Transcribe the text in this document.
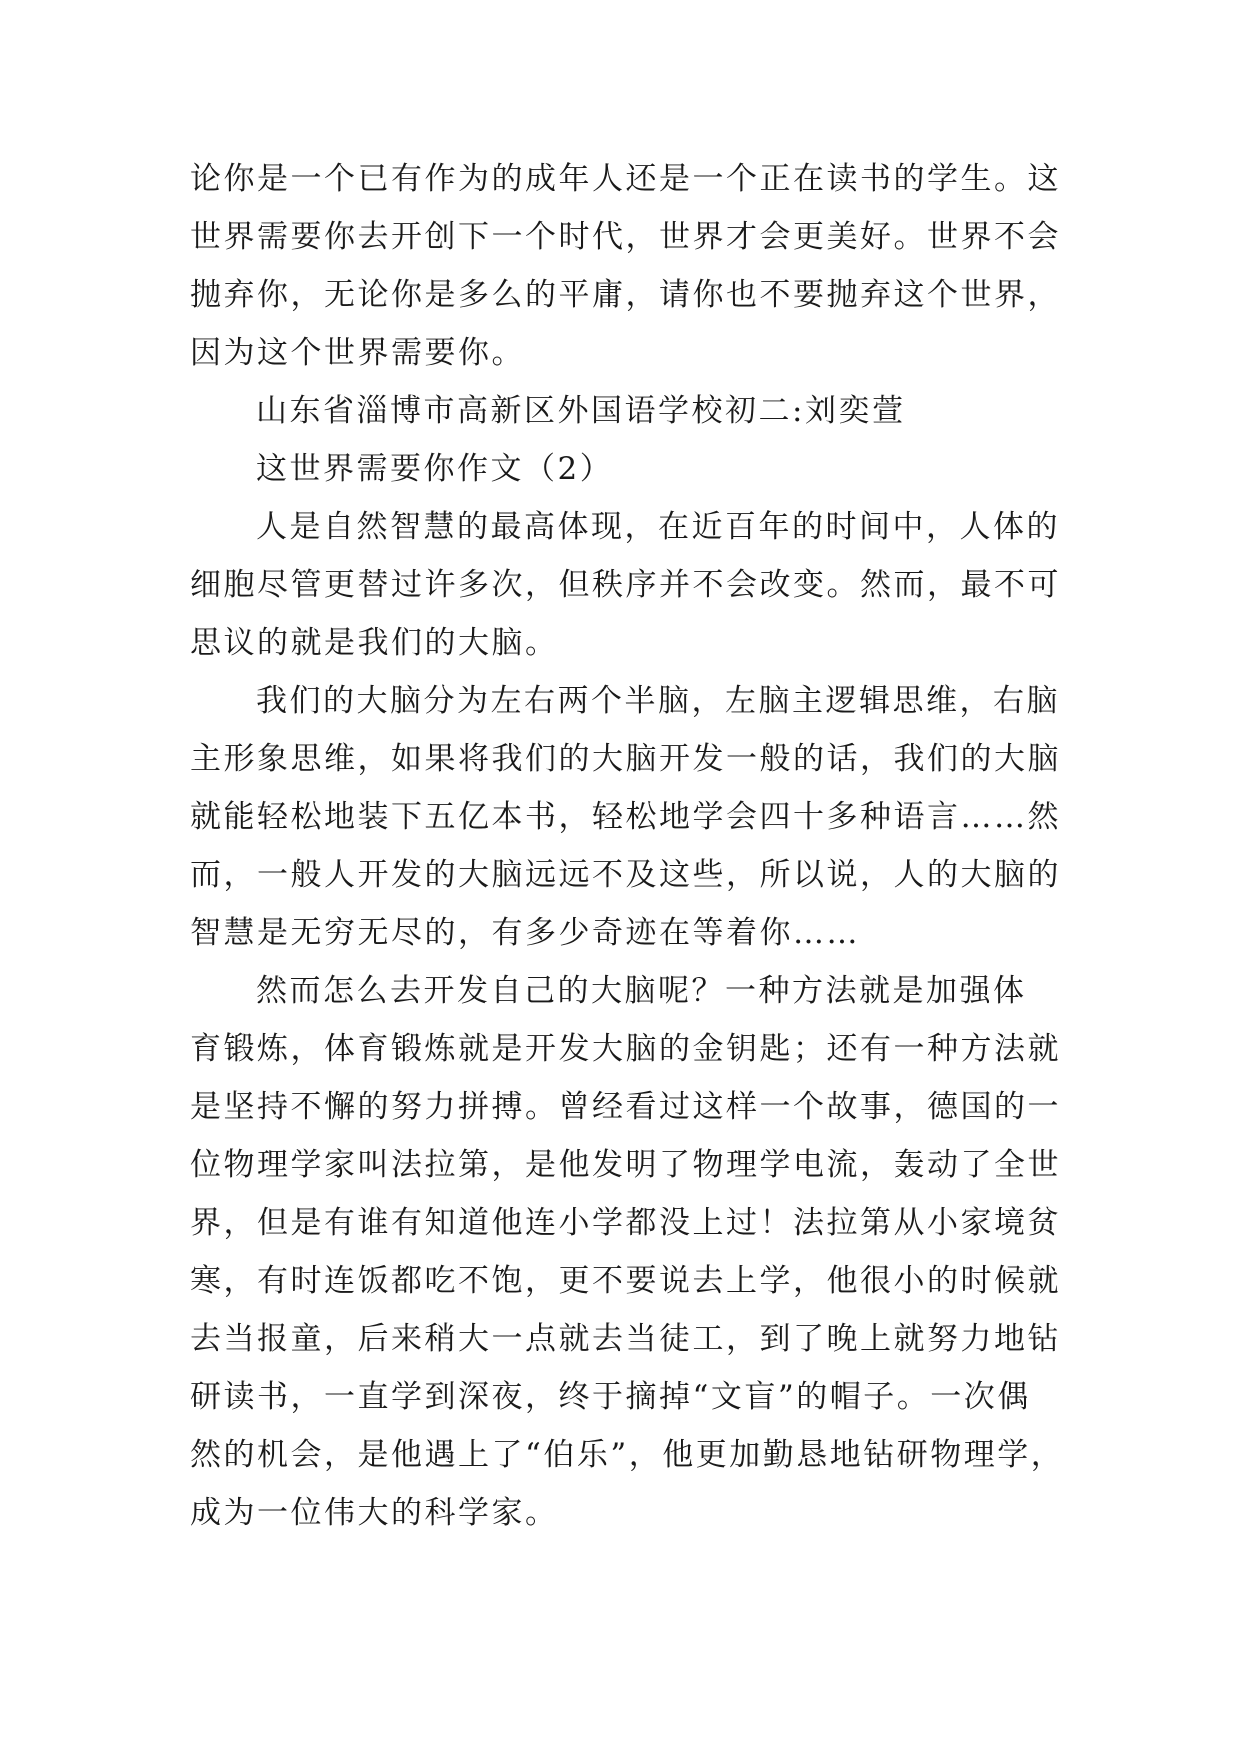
论你是一个已有作为的成年人还是一个正在读书的学生。这
世界需要你去开创下一个时代，世界才会更美好。世界不会
抛弃你，无论你是多么的平庸，请你也不要抛弃这个世界，
因为这个世界需要你。
山东省淄博市高新区外国语学校初二:刘奕萱
这世界需要你作文（2）
人是自然智慧的最高体现，在近百年的时间中，人体的
细胞尽管更替过许多次，但秩序并不会改变。然而，最不可
思议的就是我们的大脑。
我们的大脑分为左右两个半脑，左脑主逻辑思维，右脑
主形象思维，如果将我们的大脑开发一般的话，我们的大脑
就能轻松地装下五亿本书，轻松地学会四十多种语言……然
而，一般人开发的大脑远远不及这些，所以说，人的大脑的
智慧是无穷无尽的，有多少奇迹在等着你……
然而怎么去开发自己的大脑呢？一种方法就是加强体
育锻炼，体育锻炼就是开发大脑的金钥匙；还有一种方法就
是坚持不懈的努力拼搏。曾经看过这样一个故事，德国的一
位物理学家叫法拉第，是他发明了物理学电流，轰动了全世
界，但是有谁有知道他连小学都没上过！法拉第从小家境贫
寒，有时连饭都吃不饱，更不要说去上学，他很小的时候就
去当报童，后来稍大一点就去当徒工，到了晚上就努力地钻
研读书，一直学到深夜，终于摘掉“文盲”的帽子。一次偶
然的机会，是他遇上了“伯乐”，他更加勤恳地钻研物理学，
成为一位伟大的科学家。
